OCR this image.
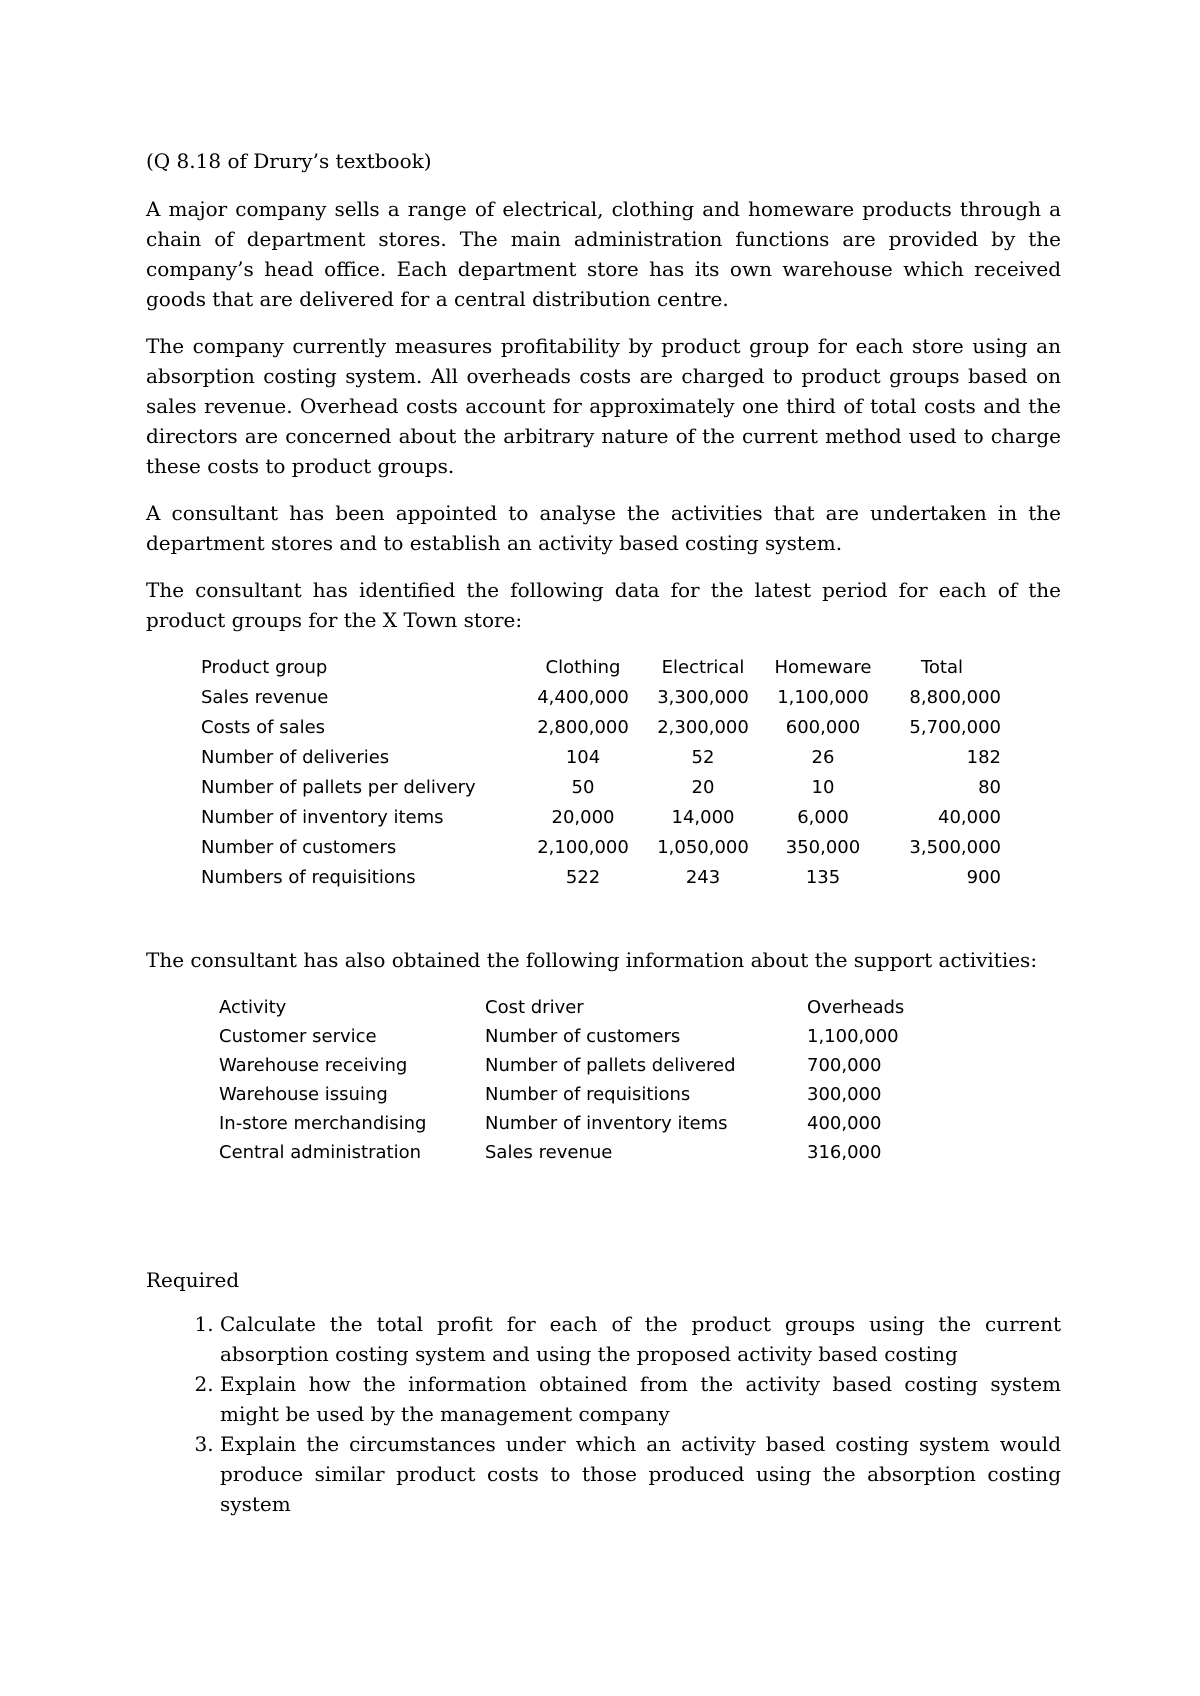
(Q 8.18 of Drury’s textbook)

A major company sells a range of electrical, clothing and homeware products through a chain of department stores. The main administration functions are provided by the company’s head office. Each department store has its own warehouse which received goods that are delivered for a central distribution centre.

The company currently measures profitability by product group for each store using an absorption costing system. All overheads costs are charged to product groups based on sales revenue. Overhead costs account for approximately one third of total costs and the directors are concerned about the arbitrary nature of the current method used to charge these costs to product groups.

A consultant has been appointed to analyse the activities that are undertaken in the department stores and to establish an activity based costing system.

The consultant has identified the following data for the latest period for each of the product groups for the X Town store:

Product group	Clothing	Electrical	Homeware	Total
Sales revenue	4,400,000	3,300,000	1,100,000	8,800,000
Costs of sales	2,800,000	2,300,000	600,000	5,700,000
Number of deliveries	104	52	26	182
Number of pallets per delivery	50	20	10	80
Number of inventory items	20,000	14,000	6,000	40,000
Number of customers	2,100,000	1,050,000	350,000	3,500,000
Numbers of requisitions	522	243	135	900

The consultant has also obtained the following information about the support activities:

Activity	Cost driver	Overheads
Customer service	Number of customers	1,100,000
Warehouse receiving	Number of pallets delivered	700,000
Warehouse issuing	Number of requisitions	300,000
In-store merchandising	Number of inventory items	400,000
Central administration	Sales revenue	316,000

Required

1. Calculate the total profit for each of the product groups using the current absorption costing system and using the proposed activity based costing
2. Explain how the information obtained from the activity based costing system might be used by the management company
3. Explain the circumstances under which an activity based costing system would produce similar product costs to those produced using the absorption costing system
